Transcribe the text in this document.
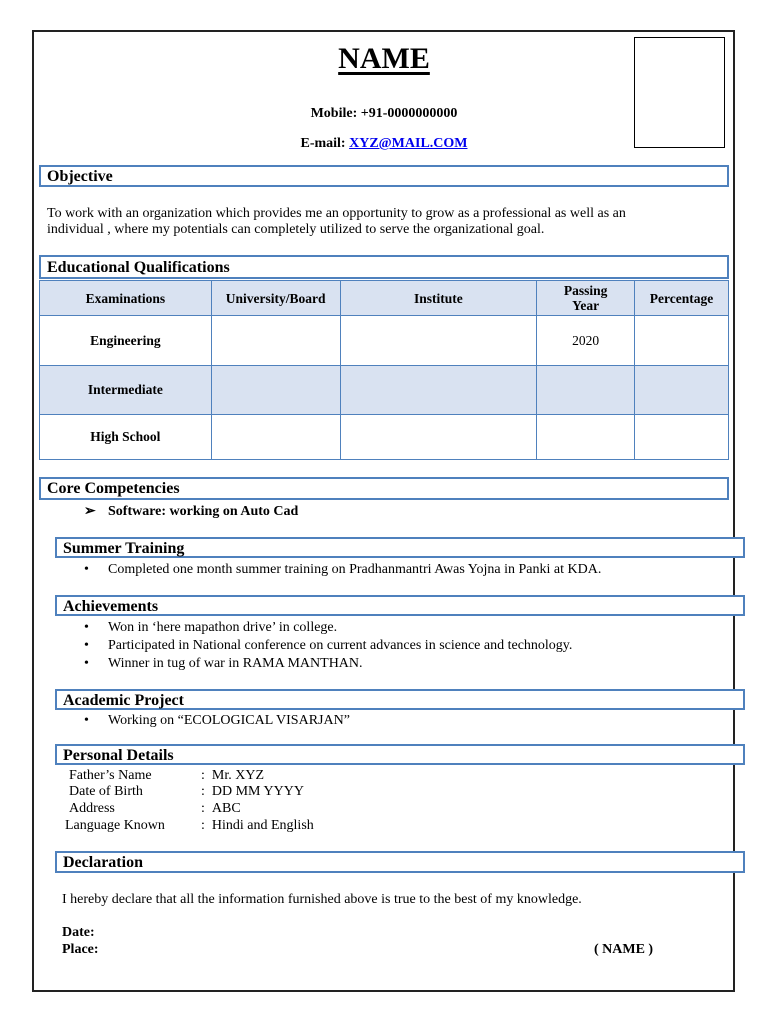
NAME
Mobile: +91-0000000000
E-mail: XYZ@MAIL.COM
Objective
To work with an organization which provides me an opportunity to grow as a professional as well as an
individual , where my potentials can completely utilized to serve the organizational goal.
Educational Qualifications
Examinations	University/Board	Institute	Passing Year	Percentage
Engineering			2020	
Intermediate				
High School				
Core Competencies
➢ Software: working on Auto Cad
Summer Training
• Completed one month summer training on Pradhanmantri Awas Yojna in Panki at KDA.
Achievements
• Won in ‘here mapathon drive’ in college.
• Participated in National conference on current advances in science and technology.
• Winner in tug of war in RAMA MANTHAN.
Academic Project
• Working on “ECOLOGICAL VISARJAN”
Personal Details
Father’s Name	:  Mr. XYZ
Date of Birth	:  DD MM YYYY
Address	:  ABC
Language Known	:  Hindi and English
Declaration
I hereby declare that all the information furnished above is true to the best of my knowledge.
Date:
Place:	( NAME )
